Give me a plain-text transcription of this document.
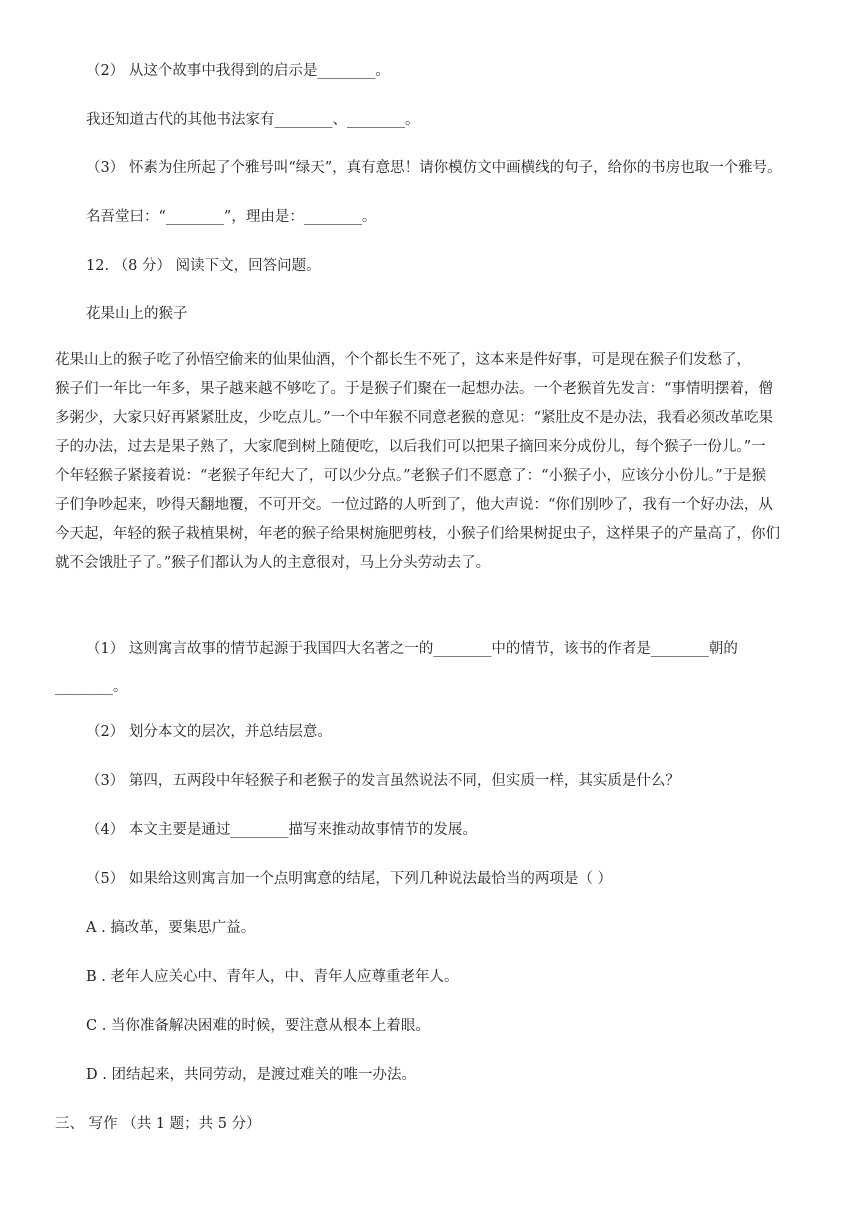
（2） 从这个故事中我得到的启示是________。
我还知道古代的其他书法家有________、________。
（3） 怀素为住所起了个雅号叫“绿天”，真有意思！请你模仿文中画横线的句子，给你的书房也取一个雅号。
名吾堂曰：“________”，理由是：________。
12. （8 分） 阅读下文，回答问题。
花果山上的猴子
花果山上的猴子吃了孙悟空偷来的仙果仙酒，个个都长生不死了，这本来是件好事，可是现在猴子们发愁了，
猴子们一年比一年多，果子越来越不够吃了。于是猴子们聚在一起想办法。一个老猴首先发言：“事情明摆着，僧
多粥少，大家只好再紧紧肚皮，少吃点儿。”一个中年猴不同意老猴的意见：“紧肚皮不是办法，我看必须改革吃果
子的办法，过去是果子熟了，大家爬到树上随便吃，以后我们可以把果子摘回来分成份儿，每个猴子一份儿。”一
个年轻猴子紧接着说：“老猴子年纪大了，可以少分点。”老猴子们不愿意了：“小猴子小，应该分小份儿。”于是猴
子们争吵起来，吵得天翻地覆，不可开交。一位过路的人听到了，他大声说：“你们别吵了，我有一个好办法，从
今天起，年轻的猴子栽植果树，年老的猴子给果树施肥剪枝，小猴子们给果树捉虫子，这样果子的产量高了，你们
就不会饿肚子了。”猴子们都认为人的主意很对，马上分头劳动去了。
（1） 这则寓言故事的情节起源于我国四大名著之一的________中的情节，该书的作者是________朝的
________。
（2） 划分本文的层次，并总结层意。
（3） 第四，五两段中年轻猴子和老猴子的发言虽然说法不同，但实质一样，其实质是什么？
（4） 本文主要是通过________描写来推动故事情节的发展。
（5） 如果给这则寓言加一个点明寓意的结尾，下列几种说法最恰当的两项是（ ）
A . 搞改革，要集思广益。
B . 老年人应关心中、青年人，中、青年人应尊重老年人。
C . 当你准备解决困难的时候，要注意从根本上着眼。
D . 团结起来，共同劳动，是渡过难关的唯一办法。
三、 写作 （共 1 题；共 5 分）
